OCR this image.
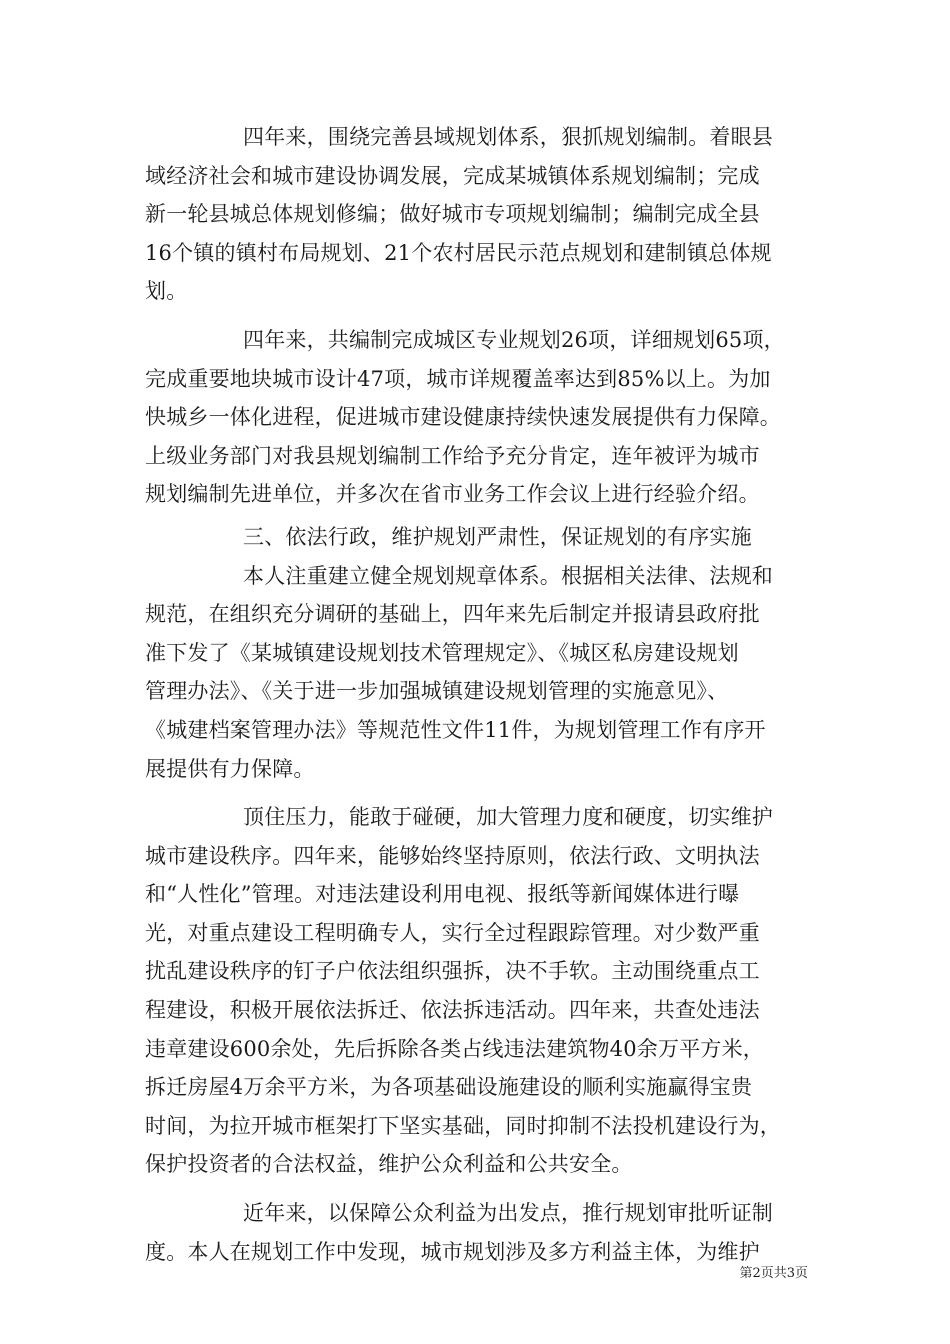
四年来，围绕完善县域规划体系，狠抓规划编制。着眼县
域经济社会和城市建设协调发展，完成某城镇体系规划编制；完成
新一轮县城总体规划修编；做好城市专项规划编制；编制完成全县
16个镇的镇村布局规划、21个农村居民示范点规划和建制镇总体规
划。

四年来，共编制完成城区专业规划26项，详细规划65项，
完成重要地块城市设计47项，城市详规覆盖率达到85%以上。为加
快城乡一体化进程，促进城市建设健康持续快速发展提供有力保障。
上级业务部门对我县规划编制工作给予充分肯定，连年被评为城市
规划编制先进单位，并多次在省市业务工作会议上进行经验介绍。

三、依法行政，维护规划严肃性，保证规划的有序实施

本人注重建立健全规划规章体系。根据相关法律、法规和
规范，在组织充分调研的基础上，四年来先后制定并报请县政府批
准下发了《某城镇建设规划技术管理规定》、《城区私房建设规划
管理办法》、《关于进一步加强城镇建设规划管理的实施意见》、
《城建档案管理办法》等规范性文件11件，为规划管理工作有序开
展提供有力保障。

顶住压力，能敢于碰硬，加大管理力度和硬度，切实维护
城市建设秩序。四年来，能够始终坚持原则，依法行政、文明执法
和“人性化”管理。对违法建设利用电视、报纸等新闻媒体进行曝
光，对重点建设工程明确专人，实行全过程跟踪管理。对少数严重
扰乱建设秩序的钉子户依法组织强拆，决不手软。主动围绕重点工
程建设，积极开展依法拆迁、依法拆违活动。四年来，共查处违法
违章建设600余处，先后拆除各类占线违法建筑物40余万平方米，
拆迁房屋4万余平方米，为各项基础设施建设的顺利实施赢得宝贵
时间，为拉开城市框架打下坚实基础，同时抑制不法投机建设行为，
保护投资者的合法权益，维护公众利益和公共安全。

近年来，以保障公众利益为出发点，推行规划审批听证制
度。本人在规划工作中发现，城市规划涉及多方利益主体，为维护

第2页共3页
